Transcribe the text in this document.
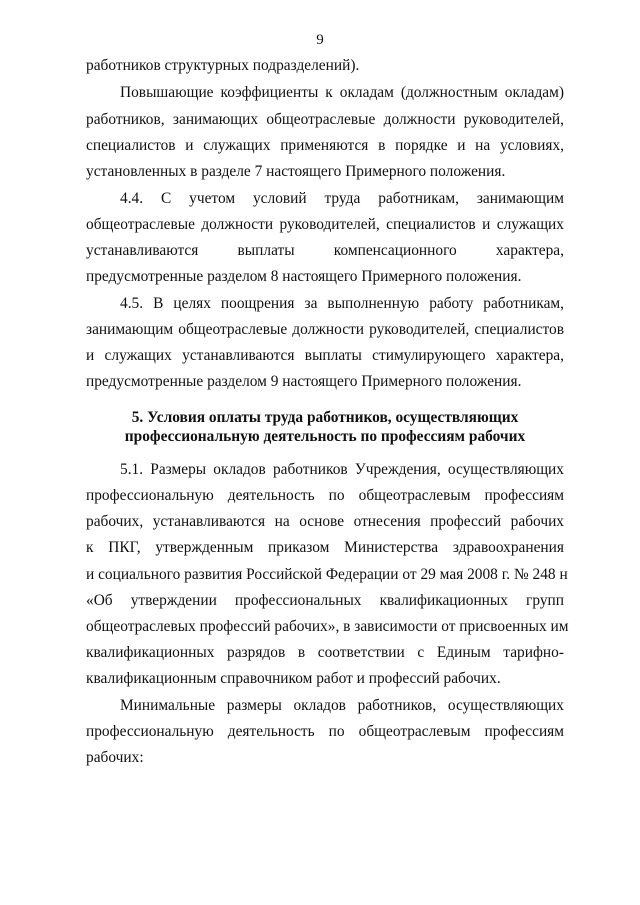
9
работников структурных подразделений).
Повышающие коэффициенты к окладам (должностным окладам)
работников, занимающих общеотраслевые должности руководителей,
специалистов и служащих применяются в порядке и на условиях,
установленных в разделе 7 настоящего Примерного положения.
4.4. С учетом условий труда работникам, занимающим
общеотраслевые должности руководителей, специалистов и служащих
устанавливаются выплаты компенсационного характера,
предусмотренные разделом 8 настоящего Примерного положения.
4.5. В целях поощрения за выполненную работу работникам,
занимающим общеотраслевые должности руководителей, специалистов
и служащих устанавливаются выплаты стимулирующего характера,
предусмотренные разделом 9 настоящего Примерного положения.
5. Условия оплаты труда работников, осуществляющих
профессиональную деятельность по профессиям рабочих
5.1. Размеры окладов работников Учреждения, осуществляющих
профессиональную деятельность по общеотраслевым профессиям
рабочих, устанавливаются на основе отнесения профессий рабочих
к ПКГ, утвержденным приказом Министерства здравоохранения
и социального развития Российской Федерации от 29 мая 2008 г. № 248 н
«Об утверждении профессиональных квалификационных групп
общеотраслевых профессий рабочих», в зависимости от присвоенных им
квалификационных разрядов в соответствии с Единым тарифно-
квалификационным справочником работ и профессий рабочих.
Минимальные размеры окладов работников, осуществляющих
профессиональную деятельность по общеотраслевым профессиям
рабочих:
